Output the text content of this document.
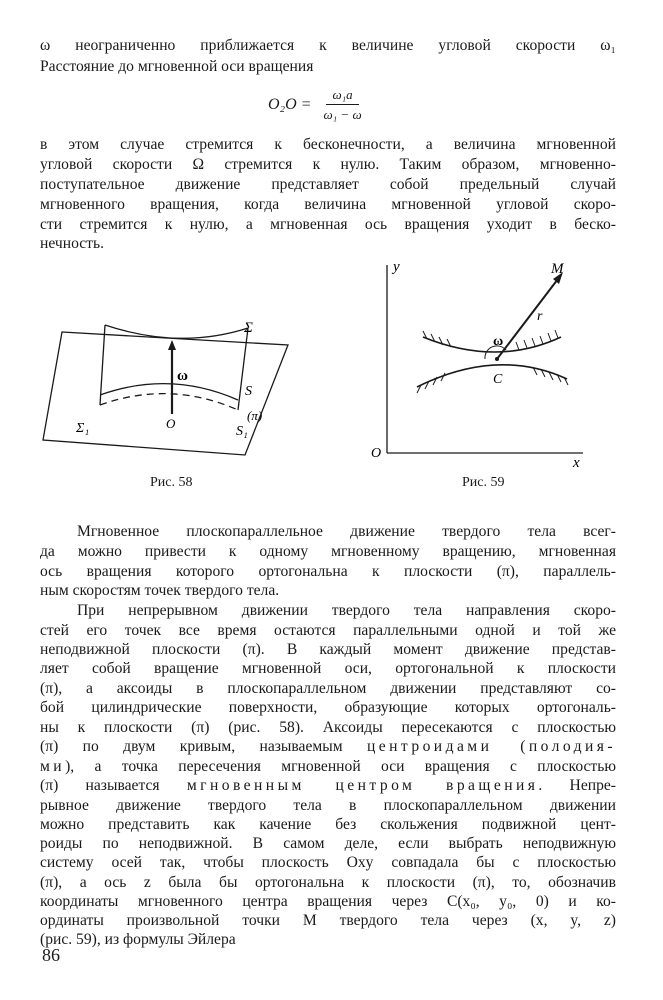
ω неограниченно приближается к величине угловой скорости ω₁
Расстояние до мгновенной оси вращения
$O_2O = \frac{\text{ω₁a}}{\text{ω₁ − ω}}$
в этом случае стремится к бесконечности, а величина мгновенной
угловой скорости Ω стремится к нулю. Таким образом, мгновенно-
поступательное движение представляет собой предельный случай
мгновенного вращения, когда величина мгновенной угловой скоро-
сти стремится к нулю, а мгновенная ось вращения уходит в беско-
нечность.
Σ
Σ₁
ω
S
S₁
(π)
O
Рис. 58
y
x
O
M
r
ω
C
Рис. 59
Мгновенное плоскопараллельное движение твердого тела всег-
да можно привести к одному мгновенному вращению, мгновенная
ось вращения которого ортогональна к плоскости (π), параллель-
ным скоростям точек твердого тела.
При непрерывном движении твердого тела направления скоро-
стей его точек все время остаются параллельными одной и той же
неподвижной плоскости (π). В каждый момент движение представ-
ляет собой вращение мгновенной оси, ортогональной к плоскости
(π), а аксоиды в плоскопараллельном движении представляют со-
бой цилиндрические поверхности, образующие которых ортогональ-
ны к плоскости (π) (рис. 58). Аксоиды пересекаются с плоскостью
(π) по двум кривым, называемым центроидами (полодия-
ми), а точка пересечения мгновенной оси вращения с плоскостью
(π) называется мгновенным центром вращения. Непре-
рывное движение твердого тела в плоскопараллельном движении
можно представить как качение без скольжения подвижной цент-
роиды по неподвижной. В самом деле, если выбрать неподвижную
систему осей так, чтобы плоскость Oxy совпадала бы с плоскостью
(π), а ось z была бы ортогональна к плоскости (π), то, обозначив
координаты мгновенного центра вращения через C(x₀, y₀, 0) и ко-
ординаты произвольной точки M твердого тела через (x, y, z)
(рис. 59), из формулы Эйлера
86
